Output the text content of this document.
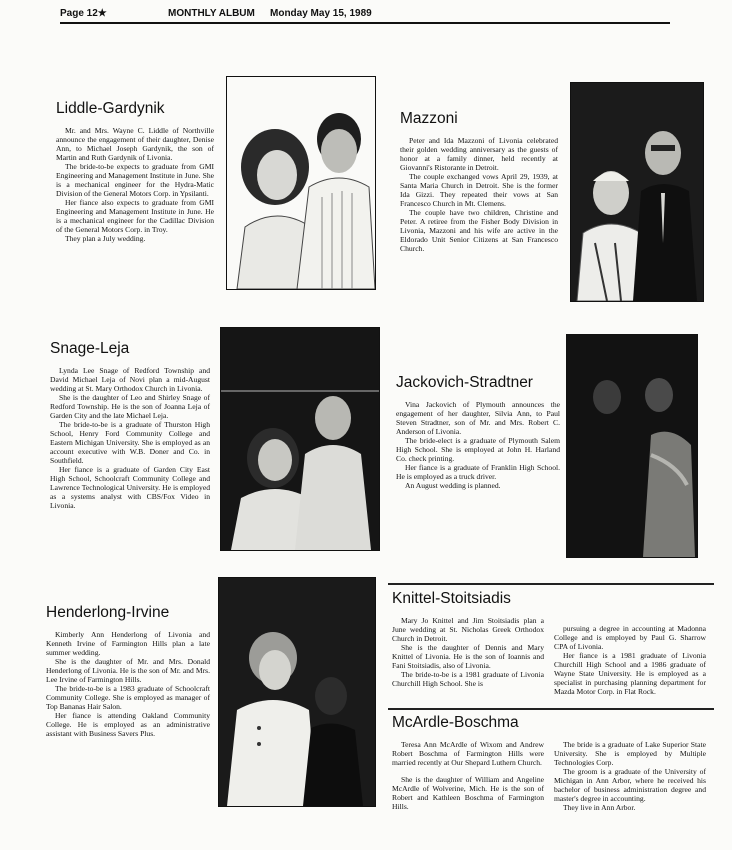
Page 12★	MONTHLY ALBUM Monday May 15, 1989
Liddle-Gardynik

Mr. and Mrs. Wayne C. Liddle of Northville announce the engagement of their daughter, Denise Ann, to Michael Joseph Gardynik, the son of Martin and Ruth Gardynik of Livonia.

The bride-to-be expects to graduate from GMI Engineering and Management Institute in June. She is a mechanical engineer for the Hydra-Matic Division of the General Motors Corp. in Ypsilanti.

Her fiance also expects to graduate from GMI Engineering and Management Institute in June. He is a mechanical engineer for the Cadillac Division of the General Motors Corp. in Troy.

They plan a July wedding.

Mazzoni

Peter and Ida Mazzoni of Livonia celebrated their golden wedding anniversary as the guests of honor at a family dinner, held recently at Giovanni's Ristorante in Detroit.

The couple exchanged vows April 29, 1939, at Santa Maria Church in Detroit. She is the former Ida Gizzi. They repeated their vows at San Francesco Church in Mt. Clemens.

The couple have two children, Christine and Peter. A retiree from the Fisher Body Division in Livonia, Mazzoni and his wife are active in the Eldorado Unit Senior Citizens at San Francesco Church.

Snage-Leja

Lynda Lee Snage of Redford Township and David Michael Leja of Novi plan a mid-August wedding at St. Mary Orthodox Church in Livonia.

She is the daughter of Leo and Shirley Snage of Redford Township. He is the son of Joanna Leja of Garden City and the late Michael Leja.

The bride-to-be is a graduate of Thurston High School, Henry Ford Community College and Eastern Michigan University. She is employed as an account executive with W.B. Doner and Co. in Southfield.

Her fiance is a graduate of Garden City East High School, Schoolcraft Community College and Lawrence Technological University. He is employed as a systems analyst with CBS/Fox Video in Livonia.

Jackovich-Stradtner

Vina Jackovich of Plymouth announces the engagement of her daughter, Silvia Ann, to Paul Steven Stradtner, son of Mr. and Mrs. Robert C. Anderson of Livonia.

The bride-elect is a graduate of Plymouth Salem High School. She is employed at John H. Harland Co. check printing.

Her fiance is a graduate of Franklin High School. He is employed as a truck driver.

An August wedding is planned.

Henderlong-Irvine

Kimberly Ann Henderlong of Livonia and Kenneth Irvine of Farmington Hills plan a late summer wedding.

She is the daughter of Mr. and Mrs. Donald Henderlong of Livonia. He is the son of Mr. and Mrs. Lee Irvine of Farmington Hills.

The bride-to-be is a 1983 graduate of Schoolcraft Community College. She is employed as manager of Top Bananas Hair Salon.

Her fiance is attending Oakland Community College. He is employed as an administrative assistant with Business Savers Plus.

Knittel-Stoitsiadis

Mary Jo Knittel and Jim Stoitsiadis plan a June wedding at St. Nicholas Greek Orthodox Church in Detroit.

She is the daughter of Dennis and Mary Knittel of Livonia. He is the son of Ioannis and Fani Stoitsiadis, also of Livonia.

The bride-to-be is a 1981 graduate of Livonia Churchill High School. She is

pursuing a degree in accounting at Madonna College and is employed by Paul G. Sharrow CPA of Livonia.

Her fiance is a 1981 graduate of Livonia Churchill High School and a 1986 graduate of Wayne State University. He is employed as a specialist in purchasing planning department for Mazda Motor Corp. in Flat Rock.

McArdle-Boschma

Teresa Ann McArdle of Wixom and Andrew Robert Boschma of Farmington Hills were married recently at Our Shepard Luthern Church.

She is the daughter of William and Angeline McArdle of Wolverine, Mich. He is the son of Robert and Kathleen Boschma of Farmington Hills.

The bride is a graduate of Lake Superior State University. She is employed by Multiple Technologies Corp.

The groom is a graduate of the University of Michigan in Ann Arbor, where he received his bachelor of business administration degree and master's degree in accounting.

They live in Ann Arbor.
